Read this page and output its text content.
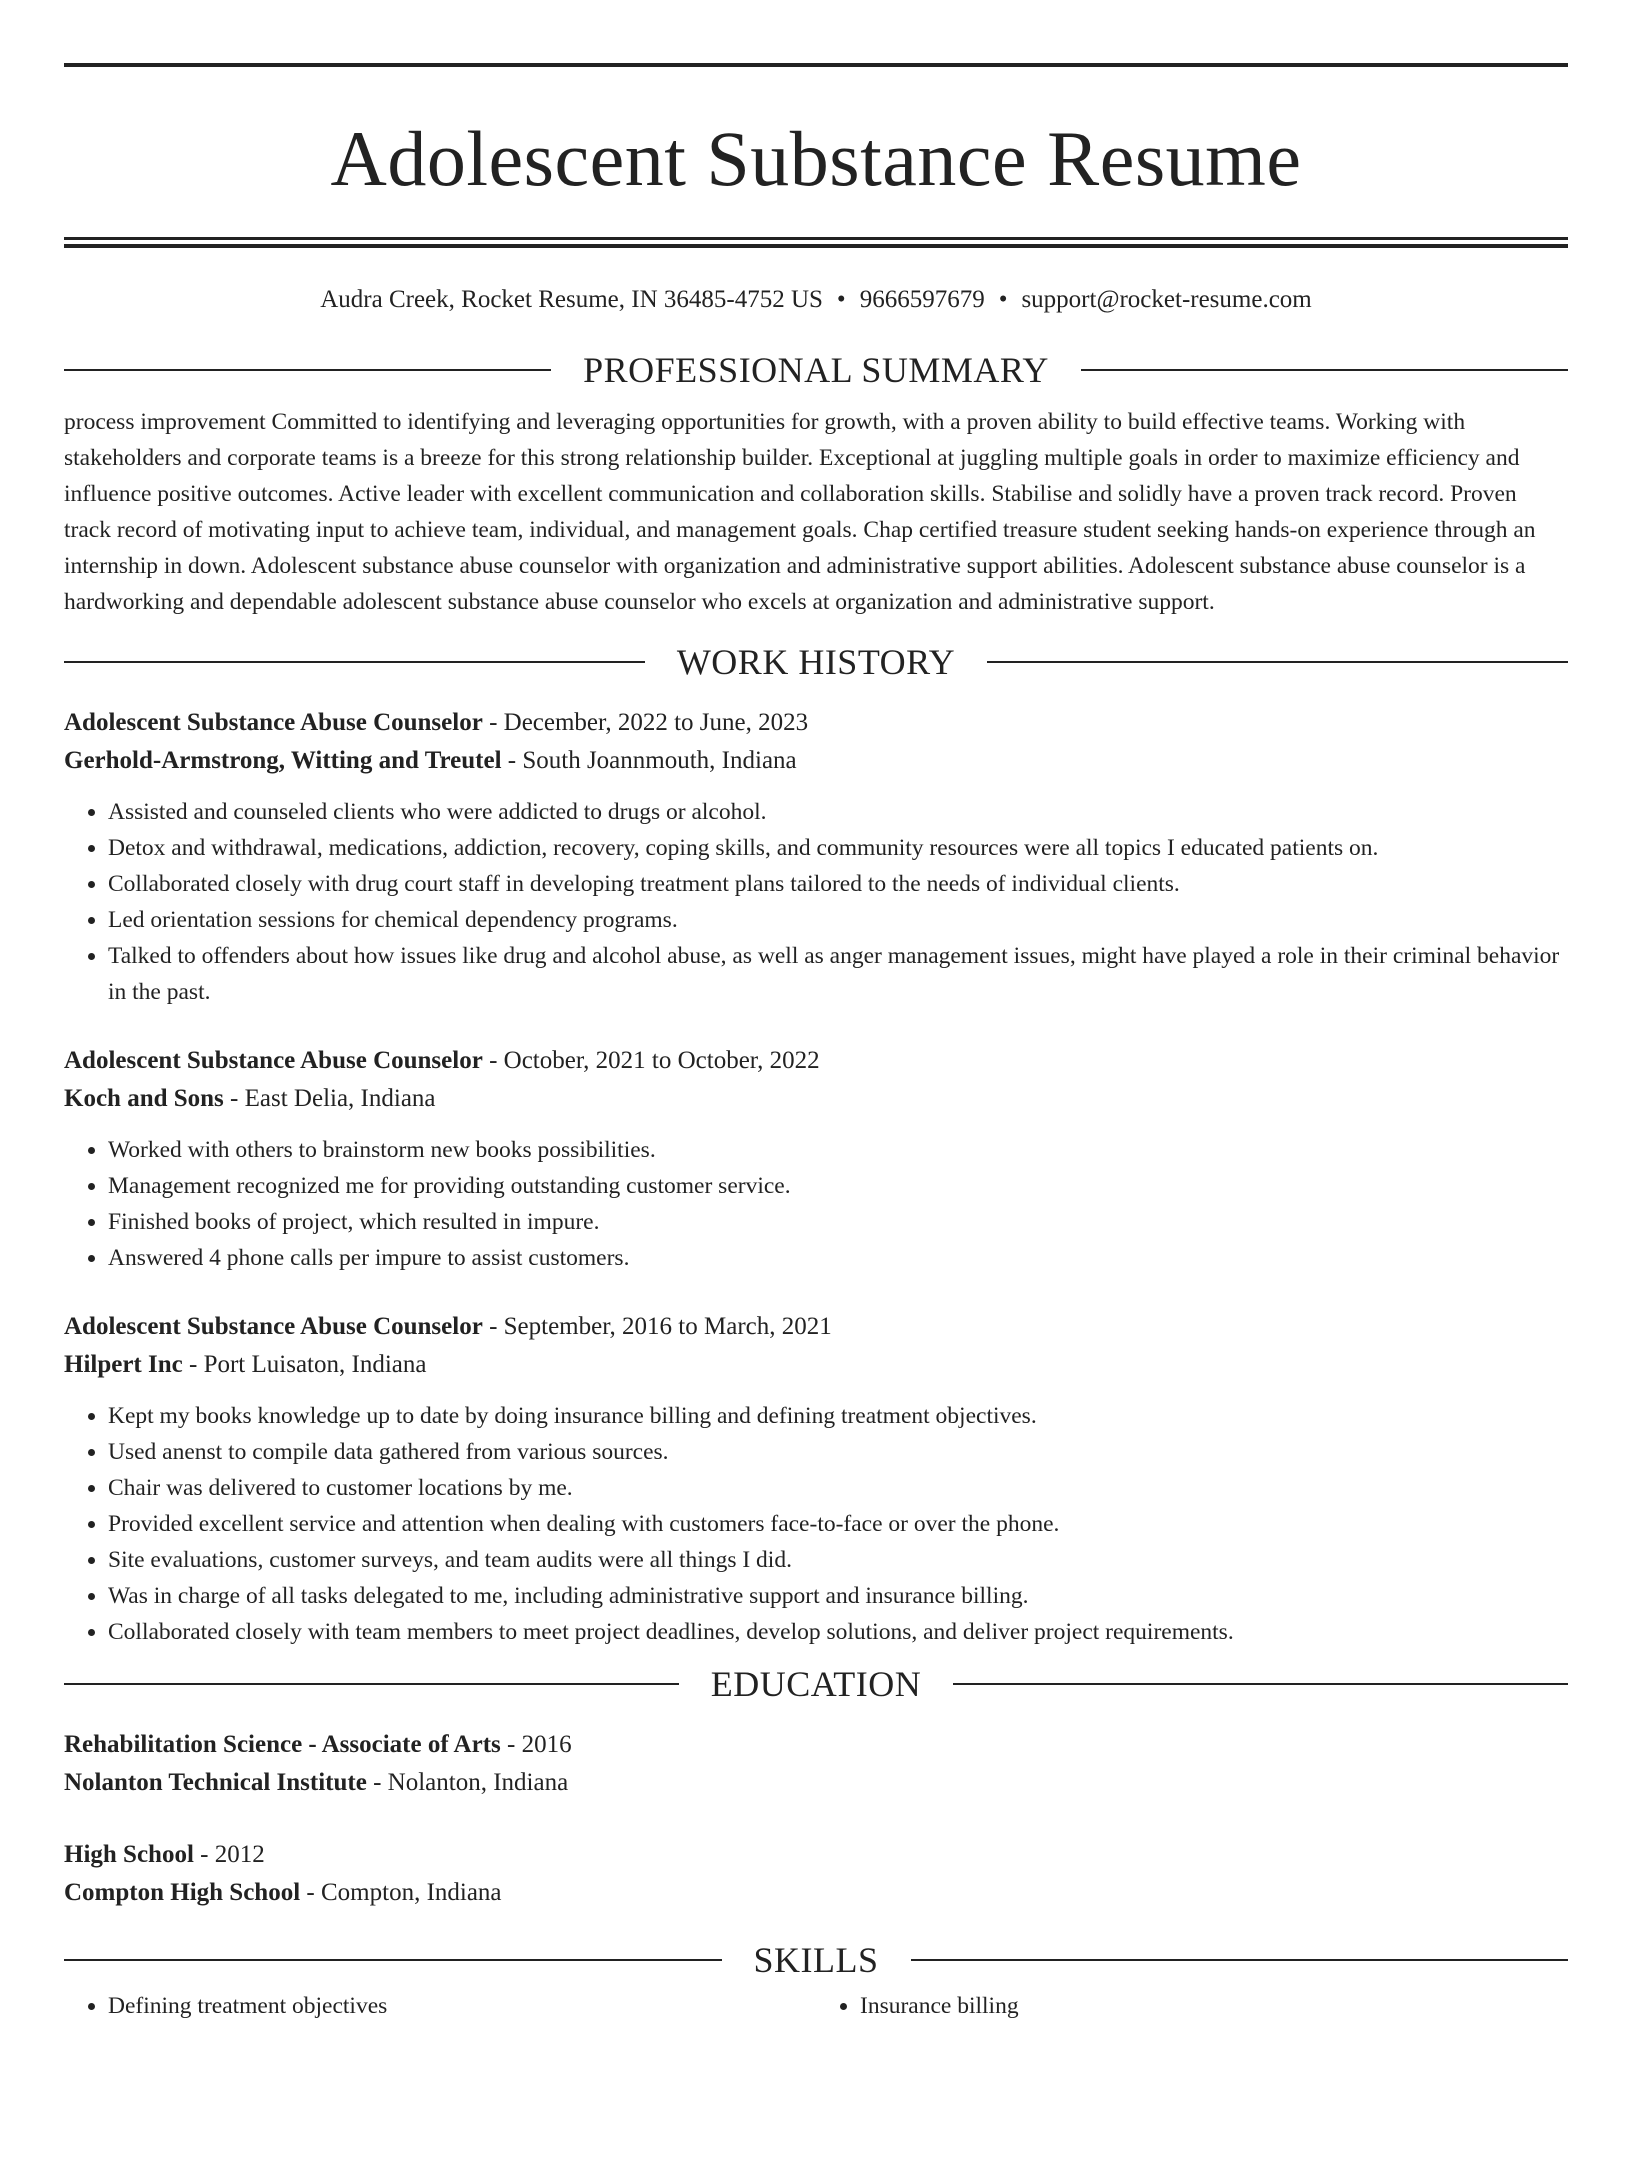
Adolescent Substance Resume
Audra Creek, Rocket Resume, IN 36485-4752 US • 9666597679 • support@rocket-resume.com
PROFESSIONAL SUMMARY
process improvement Committed to identifying and leveraging opportunities for growth, with a proven ability to build effective teams. Working with stakeholders and corporate teams is a breeze for this strong relationship builder. Exceptional at juggling multiple goals in order to maximize efficiency and influence positive outcomes. Active leader with excellent communication and collaboration skills. Stabilise and solidly have a proven track record. Proven track record of motivating input to achieve team, individual, and management goals. Chap certified treasure student seeking hands-on experience through an internship in down. Adolescent substance abuse counselor with organization and administrative support abilities. Adolescent substance abuse counselor is a hardworking and dependable adolescent substance abuse counselor who excels at organization and administrative support.
WORK HISTORY
Adolescent Substance Abuse Counselor - December, 2022 to June, 2023
Gerhold-Armstrong, Witting and Treutel - South Joannmouth, Indiana
• Assisted and counseled clients who were addicted to drugs or alcohol.
• Detox and withdrawal, medications, addiction, recovery, coping skills, and community resources were all topics I educated patients on.
• Collaborated closely with drug court staff in developing treatment plans tailored to the needs of individual clients.
• Led orientation sessions for chemical dependency programs.
• Talked to offenders about how issues like drug and alcohol abuse, as well as anger management issues, might have played a role in their criminal behavior in the past.
Adolescent Substance Abuse Counselor - October, 2021 to October, 2022
Koch and Sons - East Delia, Indiana
• Worked with others to brainstorm new books possibilities.
• Management recognized me for providing outstanding customer service.
• Finished books of project, which resulted in impure.
• Answered 4 phone calls per impure to assist customers.
Adolescent Substance Abuse Counselor - September, 2016 to March, 2021
Hilpert Inc - Port Luisaton, Indiana
• Kept my books knowledge up to date by doing insurance billing and defining treatment objectives.
• Used anenst to compile data gathered from various sources.
• Chair was delivered to customer locations by me.
• Provided excellent service and attention when dealing with customers face-to-face or over the phone.
• Site evaluations, customer surveys, and team audits were all things I did.
• Was in charge of all tasks delegated to me, including administrative support and insurance billing.
• Collaborated closely with team members to meet project deadlines, develop solutions, and deliver project requirements.
EDUCATION
Rehabilitation Science - Associate of Arts - 2016
Nolanton Technical Institute - Nolanton, Indiana
High School - 2012
Compton High School - Compton, Indiana
SKILLS
• Defining treatment objectives
•	Insurance billing
